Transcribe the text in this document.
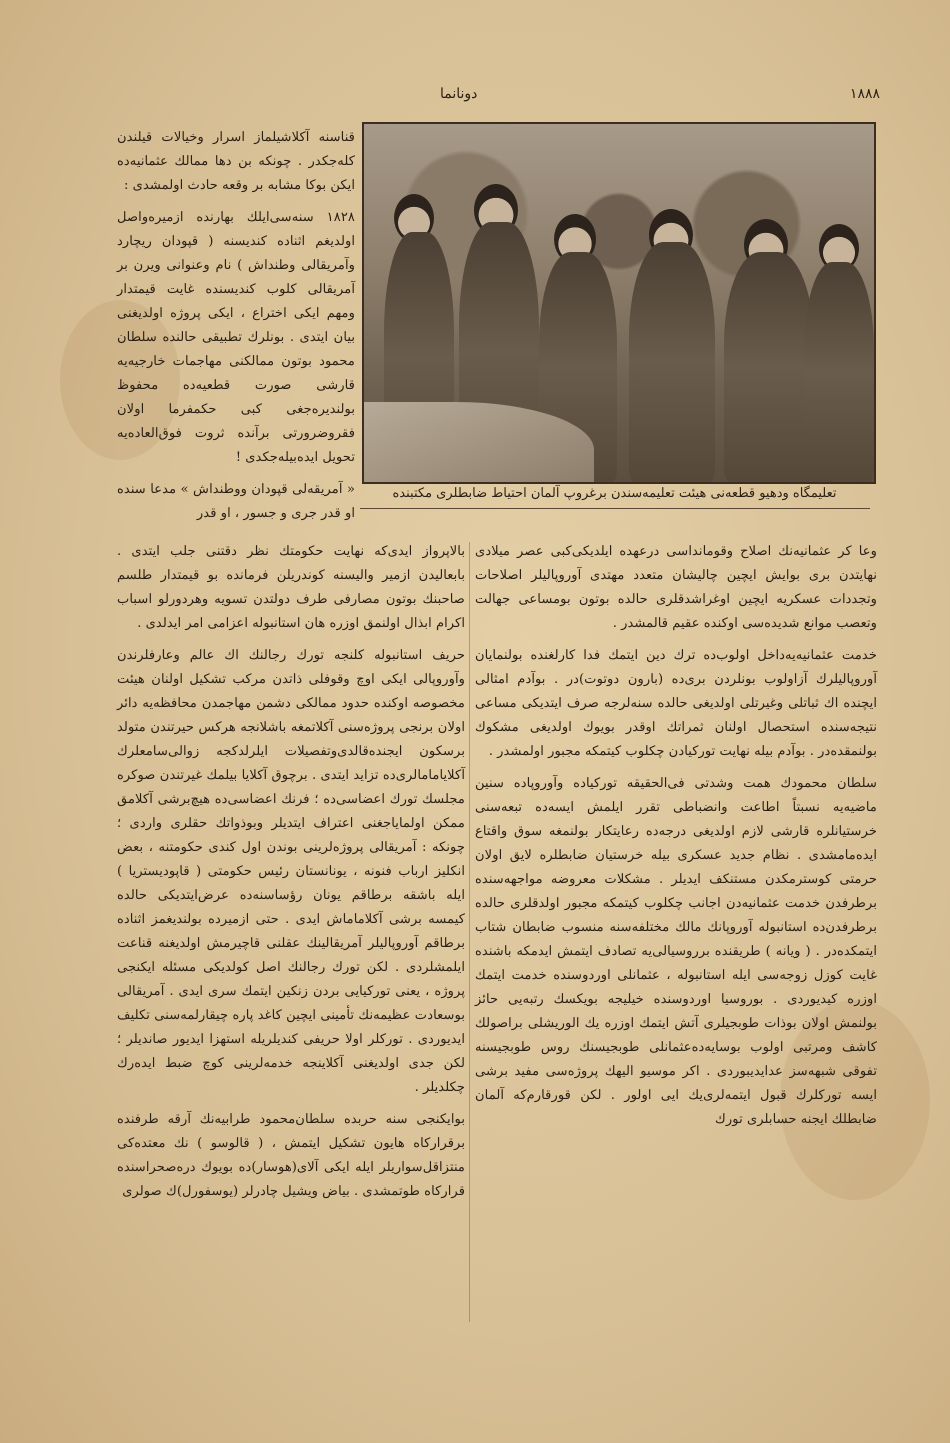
۱۸۸۸
دونانما
تعلیمگاه ودهیو قطعه‌نی هیئت تعلیمه‌سندن برغروپ آلمان احتیاط ضابطلری مکتبنده

قناسنه آکلاشیلماز اسرار وخیالات قیلندن کله‌جکدر . چونکه بن دها ممالك عثمانیه‌ده ایکن بوکا مشابه بر وقعه حادث اولمشدی :

۱۸۲۸ سنه‌سی‌ایلك بهارنده ازمیره‌واصل اولدیغم اثناده کندیسنه ( قپودان ریچارد وآمریقالی وطنداش ) نام وعنوانی ویرن بر آمریقالی کلوب کندیسنده غایت قیمتدار ومهم ایکی اختراع ، ایکی پروژه اولدیغنی بیان ایتدی . بونلرك تطبیقی حالنده سلطان محمود بوتون ممالکنی مهاجمات خارجیه‌یه قارشی صورت قطعیه‌ده محفوظ بولندیره‌جغی کبی حکمفرما اولان فقروضرورتی برآنده ثروت فوق‌العاده‌یه تحویل ایده‌بیله‌جکدی !

« آمریقه‌لی قپودان ووطنداش » مدعا سنده او قدر جری و جسور ، او قدر

وعا کر عثمانیه‌نك اصلاح وقومانداسی درعهده ایلدیکی‌کبی عصر میلادی نهایتدن بری بوایش ایچین چالیشان متعدد مهتدی آوروپالیلر اصلاحات وتجددات عسکریه ایچین اوغراشدقلری حالده بوتون بومساعی جهالت وتعصب موانع شدیده‌سی اوکنده عقیم قالمشدر .

خدمت عثمانیه‌یه‌داخل اولوب‌ده ترك دین ایتمك فدا کارلغنده بولنمایان آوروپالیلرك آزاولوب بونلردن بری‌ده (بارون دوتوت)در . بوآدم امثالی ایچنده اك ثباتلی وغیرتلی اولدیغی حالده سنه‌لرجه صرف ایتدیکی مساعی نتیجه‌سنده استحصال اولنان ثمراتك اوقدر بویوك اولدیغی مشکوك بولنمقده‌در . بوآدم بیله نهایت تورکیادن چکلوب کیتمکه مجبور اولمشدر .

سلطان محمودك همت وشدتی فی‌الحقیقه تورکیاده وآوروپاده سنین ماضیه‌یه نسبتاً اطاعت وانضباطی تقرر ایلمش ایسه‌ده تبعه‌سنی خرستیانلره قارشی لازم اولدیغی درجه‌ده رعایتکار بولنمغه سوق واقتاع ایده‌مامشدی . نظام جدید عسکری بیله خرستیان ضابطلره لایق اولان حرمتی کوسترمکدن مستنکف ایدیلر . مشکلات معروضه مواجهه‌سنده برطرفدن خدمت عثمانیه‌دن اجانب چکلوب کیتمکه مجبور اولدقلری حالده برطرفدن‌ده استانبوله آوروپانك مالك مختلفه‌سنه منسوب ضابطان شتاب ایتمکده‌در . ( ویانه ) طریقنده برروسیالی‌یه تصادف ایتمش ایدمکه باشنده غایت کوزل زوجه‌سی ایله استانبوله ، عثمانلی اوردوسنده خدمت ایتمك اوزره کیدیوردی . بوروسیا اوردوسنده خیلیجه بویکسك رتبه‌یی حائز بولنمش اولان بوذات طوبجیلری آتش ایتمك اوزره یك الوریشلی براصولك کاشف ومرتبی اولوب بوسایه‌ده‌عثمانلی طوبجیسنك روس طوبجیسنه تفوقی شبهه‌سز عداید‌یبوردی . اکر موسیو الیهك پروژه‌سی مفید برشی ایسه تورکلرك قبول ایتمه‌لری‌یك ایی اولور . لکن قورقارم‌که آلمان ضابطلك ایجنه حسابلری تورك

بالاپرواز ایدی‌که نهایت حکومتك نظر دقتنی جلب ایتدی . بابعالیدن ازمیر والیسنه کوندریلن فرمانده بو قیمتدار طلسم صاحبنك بوتون مصارفی طرف دولتدن تسویه وهردورلو اسباب اکرام ابذال اولنمق اوزره هان استانبوله اعزامی امر ایدلدی .

حریف استانبوله کلنجه تورك رجالنك اك عالم وعارفلرندن وآوروپالی ایکی اوچ وقوفلی ذاتدن مرکب تشکیل اولنان هیئت مخصوصه اوکنده حدود ممالکی دشمن مهاجمدن محافظه‌یه دائر اولان برنجی پروژه‌سنی آکلاتمغه باشلانجه هرکس حیرتندن متولد برسکون ایجنده‌قالدی‌وتفصیلات ایلرلدکجه زوالی‌سامعلرك آکلایامامالری‌ده تزاید ایتدی . برچوق آکلایا بیلمك غیرتندن صوکره مجلسك تورك اعضاسی‌ده ؛ فرنك اعضاسی‌ده هیچ‌برشی آکلامق ممکن اولمایاجغنی اعتراف ایتدیلر وبوذواتك حقلری واردی ؛ چونکه : آمریقالی پروژه‌لرینی بوندن اول کندی حکومتنه ، بعض انکلیز ارباب فنونه ، یونانستان رئیس حکومتی ( قاپودیستریا ) ایله باشقه برطاقم یونان رؤساسنه‌ده عرض‌ایتدیکی حالده کیمسه برشی آکلاماماش ایدی . حتی ازمیرده بولندیغمز اثناده برطاقم آوروپالیلر آمریقالینك عقلنی قاچیرمش اولدیغنه قناعت ایلمشلردی . لکن تورك رجالنك اصل کولدیکی مسئله ایکنجی پروژه ، یعنی تورکیایی بردن زنکین ایتمك سری ایدی . آمریقالی بوسعادت عظیمه‌نك تأمینی ایچین کاغد پاره چیقارلمه‌سنی تکلیف ایدیوردی . تورکلر اولا حریفی کندیلریله استهزا ایدیور صاندیلر ؛ لکن جدی اولدیغنی آکلاینجه خدمه‌لرینی کوچ ضبط ایده‌رك چکلدیلر .

بوایکنجی سنه حربده سلطان‌محمود طرابیه‌نك آرقه طرفنده برقرارکاه هایون تشکیل ایتمش ، ( قالوسو ) نك معتده‌کی منتزاقل‌سواریلر ایله ایکی آلای(هوسار)ده بویوك دره‌صحراسنده قرارکاه طوتمشدی . بیاض ویشیل چادرلر (یوسفورل)ك صولری
